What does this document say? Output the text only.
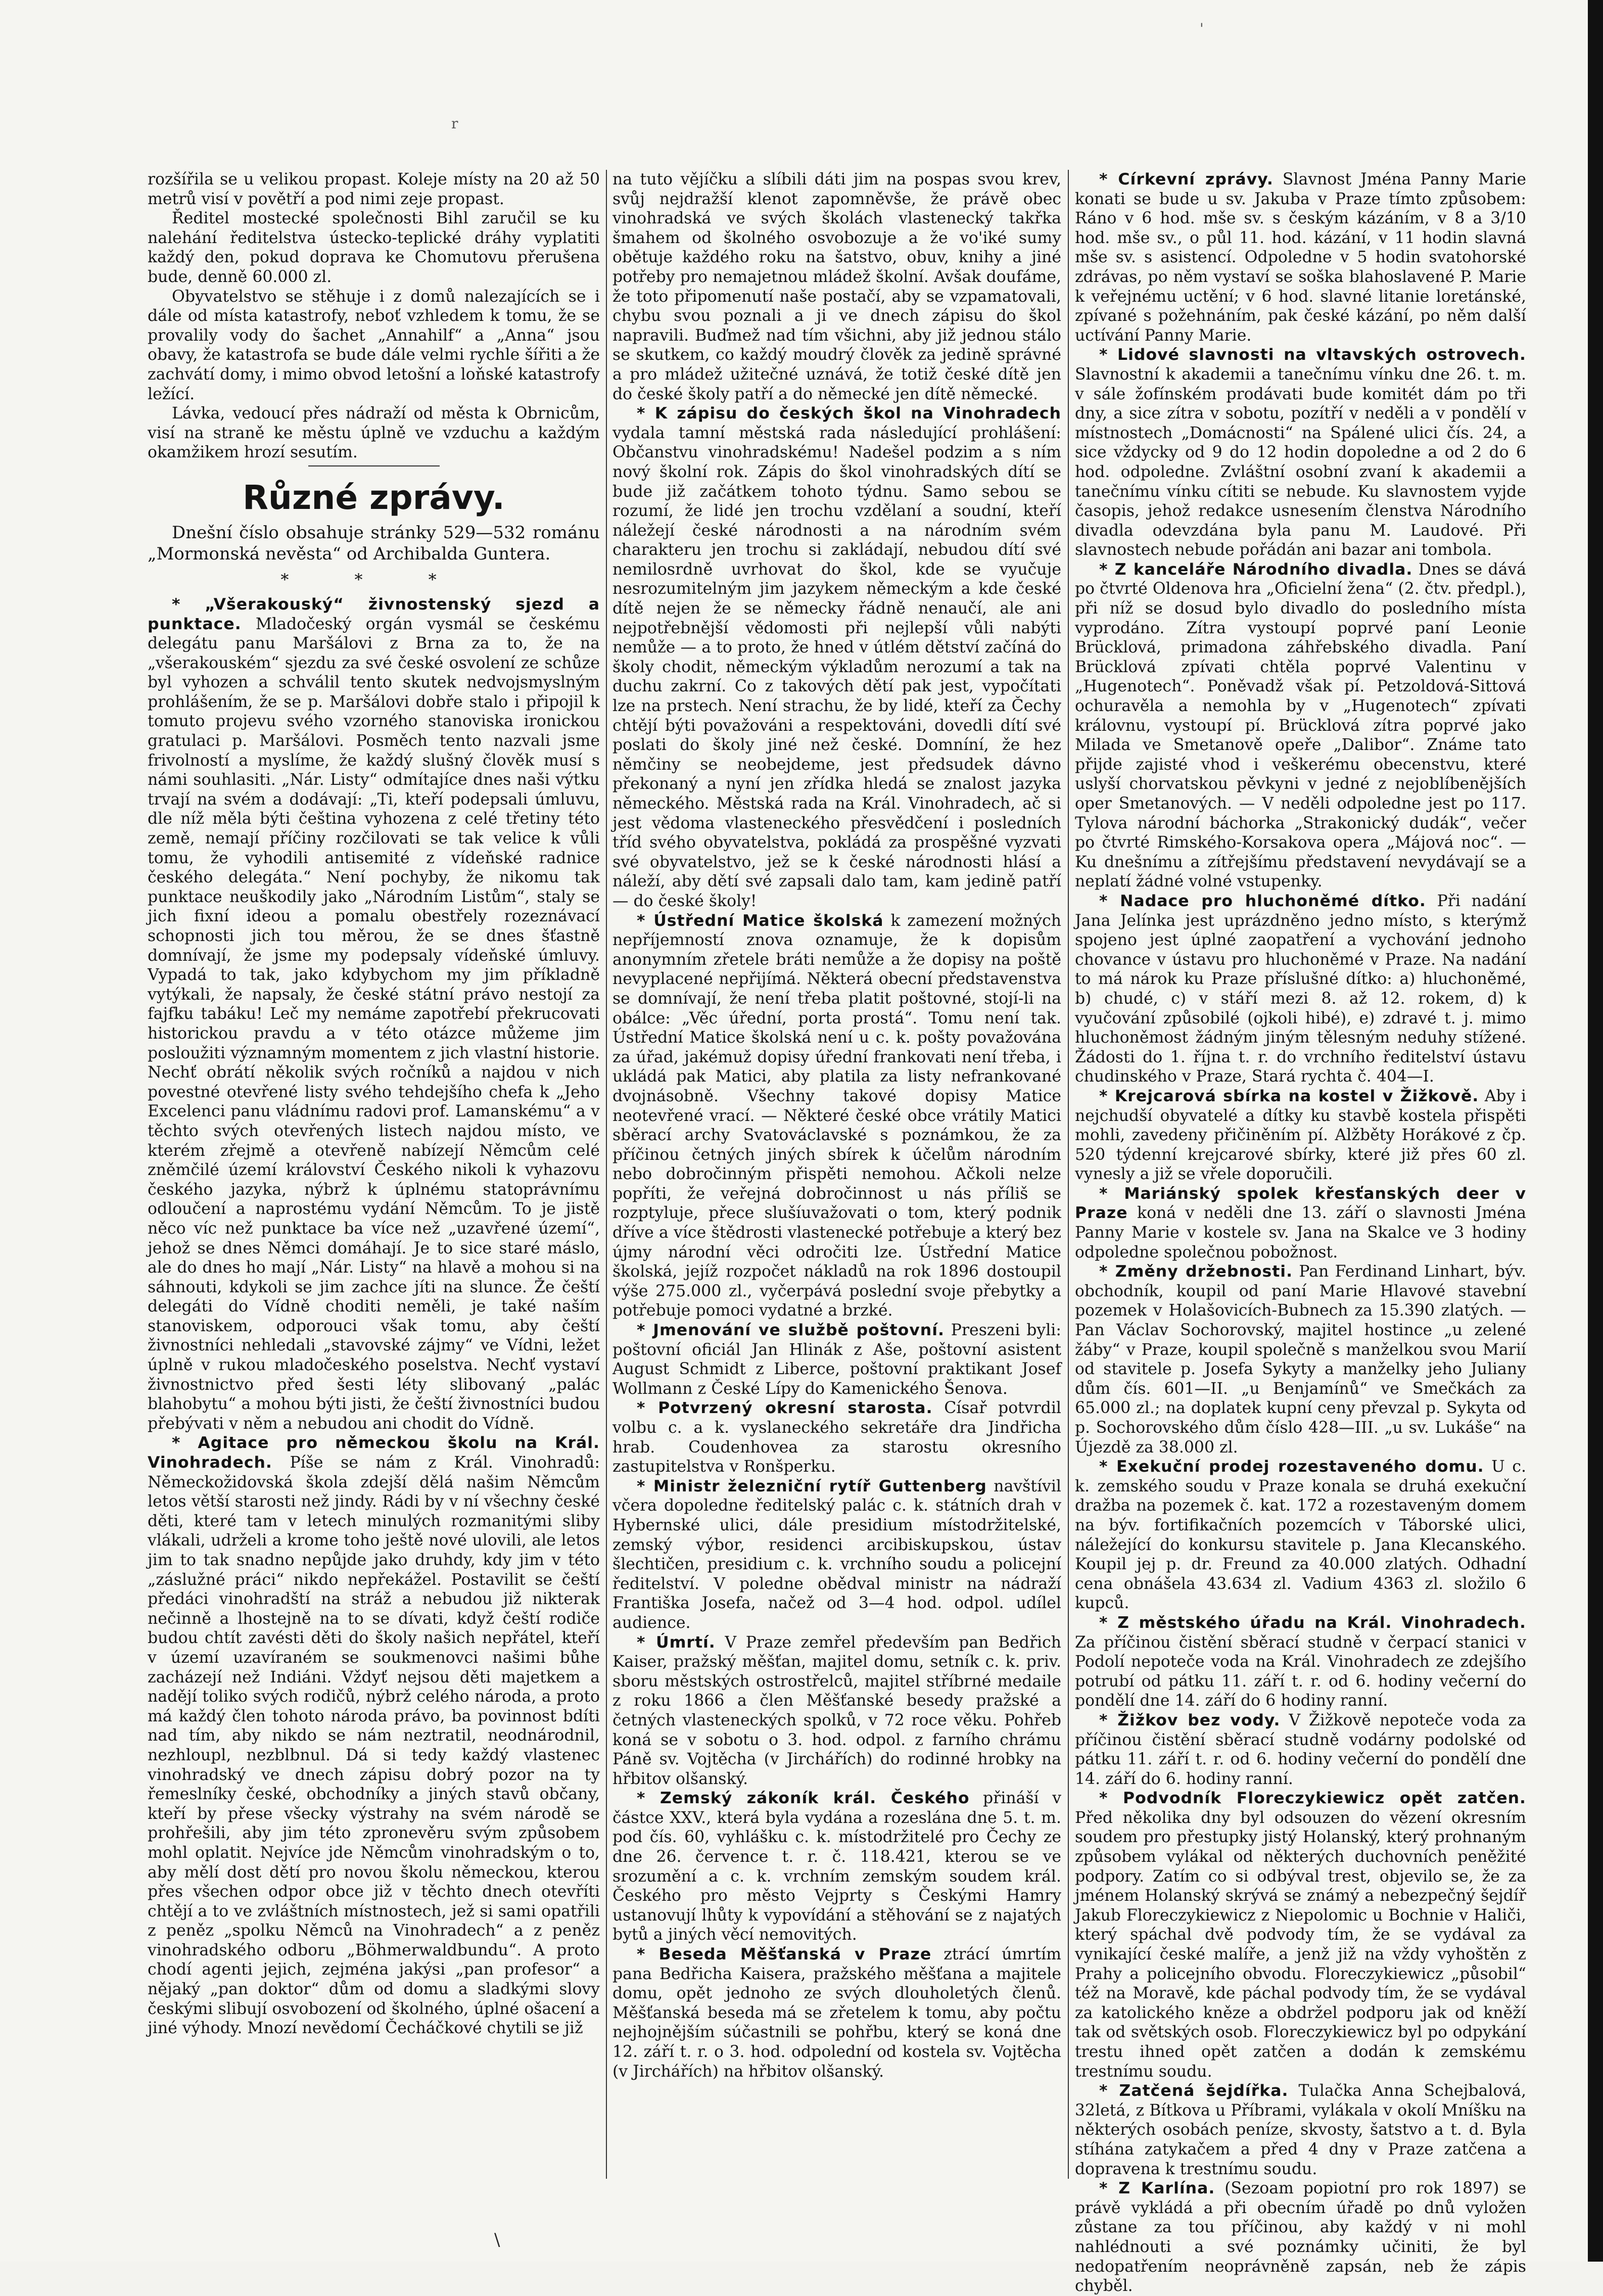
'
r

rozšířila se u velikou propast. Koleje místy na 20 až 50 metrů visí v povětří a pod nimi zeje propast.

Ředitel mostecké společnosti Bihl zaručil se ku nalehání ředitelstva ústecko-teplické dráhy vyplatiti každý den, pokud doprava ke Chomutovu přerušena bude, denně 60.000 zl.

Obyvatelstvo se stěhuje i z domů nalezajících se i dále od místa katastrofy, neboť vzhledem k tomu, že se provalily vody do šachet „Annahilf“ a „Anna“ jsou obavy, že katastrofa se bude dále velmi rychle šířiti a že zachvátí domy, i mimo obvod letošní a loňské katastrofy ležící.

Lávka, vedoucí přes nádraží od města k Obrnicům, visí na straně ke městu úplně ve vzduchu a každým okamžikem hrozí sesutím.

Různé zprávy.

Dnešní číslo obsahuje stránky 529—532 románu „Mormonská nevěsta“ od Archibalda Guntera.

* * *

* „Všerakouský“ živnostenský sjezd a punktace. Mladočeský orgán vysmál se českému delegátu panu Maršálovi z Brna za to, že na „všerakouském“ sjezdu za své české osvolení ze schůze byl vyhozen a schválil tento skutek nedvojsmyslným prohlášením, že se p. Maršálovi dobře stalo i připojil k tomuto projevu svého vzorného stanoviska ironickou gratulaci p. Maršálovi. Posměch tento nazvali jsme frivolností a myslíme, že každý slušný člověk musí s námi souhlasiti. „Nár. Listy“ odmítajíce dnes naši výtku trvají na svém a dodávají: „Ti, kteří podepsali úmluvu, dle níž měla býti čeština vyhozena z celé třetiny této země, nemají příčiny rozčilovati se tak velice k vůli tomu, že vyhodili antisemité z vídeňské radnice českého delegáta.“ Není pochyby, že nikomu tak punktace neuškodily jako „Národním Listům“, staly se jich fixní ideou a pomalu obestřely rozeznávací schopnosti jich tou měrou, že se dnes šťastně domnívají, že jsme my podepsaly vídeňské úmluvy. Vypadá to tak, jako kdybychom my jim příkladně vytýkali, že napsaly, že české státní právo nestojí za fajfku tabáku! Leč my nemáme zapotřebí překrucovati historickou pravdu a v této otázce můžeme jim posloužiti významným momentem z jich vlastní historie. Nechť obrátí několik svých ročníků a najdou v nich povestné otevřené listy svého tehdejšího chefa k „Jeho Excelenci panu vládnímu radovi prof. Lamanskému“ a v těchto svých otevřených listech najdou místo, ve kterém zřejmě a otevřeně nabízejí Němcům celé zněmčilé území království Českého nikoli k vyhazovu českého jazyka, nýbrž k úplnému statoprávnímu odloučení a naprostému vydání Němcům. To je jistě něco víc než punktace ba více než „uzavřené území“, jehož se dnes Němci domáhají. Je to sice staré máslo, ale do dnes ho mají „Nár. Listy“ na hlavě a mohou si na sáhnouti, kdykoli se jim zachce jíti na slunce. Že čeští delegáti do Vídně choditi neměli, je také naším stanoviskem, odporouci však tomu, aby čeští živnostníci nehledali „stavovské zájmy“ ve Vídni, ležet úplně v rukou mladočeského poselstva. Nechť vystaví živnostnictvo před šesti léty slibovaný „palác blahobytu“ a mohou býti jisti, že čeští živnostníci budou přebývati v něm a nebudou ani chodit do Vídně.

* Agitace pro německou školu na Král. Vinohradech. Píše se nám z Král. Vinohradů: Německožidovská škola zdejší dělá našim Němcům letos větší starosti než jindy. Rádi by v ní všechny české děti, které tam v letech minulých rozmanitými sliby vlákali, udrželi a krome toho ještě nové ulovili, ale letos jim to tak snadno nepůjde jako druhdy, kdy jim v této „záslužné práci“ nikdo nepřekážel. Postavilit se čeští předáci vinohradští na stráž a nebudou již nikterak nečinně a lhostejně na to se dívati, když čeští rodiče budou chtít zavésti děti do školy našich nepřátel, kteří v území uzavíraném se soukmenovci našimi bůhe zacházejí než Indiáni. Vždyť nejsou děti majetkem a nadějí toliko svých rodičů, nýbrž celého národa, a proto má každý člen tohoto národa právo, ba povinnost bdíti nad tím, aby nikdo se nám neztratil, neodnárodnil, nezhloupl, nezblbnul. Dá si tedy každý vlastenec vinohradský ve dnech zápisu dobrý pozor na ty řemeslníky české, obchodníky a jiných stavů občany, kteří by přese všecky výstrahy na svém národě se prohřešili, aby jim této zpronevěru svým způsobem mohl oplatit. Nejvíce jde Němcům vinohradským o to, aby mělí dost dětí pro novou školu německou, kterou přes všechen odpor obce již v těchto dnech otevříti chtějí a to ve zvláštních místnostech, jež si sami opatřili z peněz „spolku Němců na Vinohradech“ a z peněz vinohradského odboru „Böhmerwaldbundu“. A proto chodí agenti jejich, zejména jakýsi „pan profesor“ a nějaký „pan doktor“ dům od domu a sladkými slovy českými slibují osvobození od školného, úplné ošacení a jiné výhody. Mnozí nevědomí Čecháčkové chytili se již

na tuto vějíčku a slíbili dáti jim na pospas svou krev, svůj nejdražší klenot zapomněvše, že právě obec vinohradská ve svých školách vlastenecký takřka šmahem od školného osvobozuje a že vo'iké sumy obětuje každého roku na šatstvo, obuv, knihy a jiné potřeby pro nemajetnou mládež školní. Avšak doufáme, že toto připomenutí naše postačí, aby se vzpamatovali, chybu svou poznali a ji ve dnech zápisu do škol napravili. Buďmež nad tím všichni, aby již jednou stálo se skutkem, co každý moudrý člověk za jedině správné a pro mládež užitečné uznává, že totiž české dítě jen do české školy patří a do německé jen dítě německé.

* K zápisu do českých škol na Vinohradech vydala tamní městská rada následující prohlášení: Občanstvu vinohradskému! Nadešel podzim a s ním nový školní rok. Zápis do škol vinohradských dítí se bude již začátkem tohoto týdnu. Samo sebou se rozumí, že lidé jen trochu vzdělaní a soudní, kteří náležejí české národnosti a na národním svém charakteru jen trochu si zakládají, nebudou dítí své nemilosrdně uvrhovat do škol, kde se vyučuje nesrozumitelným jim jazykem německým a kde české dítě nejen že se německy řádně nenaučí, ale ani nejpotřebnější vědomosti při nejlepší vůli nabýti nemůže — a to proto, že hned v útlém dětství začíná do školy chodit, německým výkladům nerozumí a tak na duchu zakrní. Co z takových dětí pak jest, vypočítati lze na prstech. Není strachu, že by lidé, kteří za Čechy chtějí býti považováni a respektováni, dovedli dítí své poslati do školy jiné než české. Domníní, že hez němčiny se neobejdeme, jest předsudek dávno překonaný a nyní jen zřídka hledá se znalost jazyka německého. Městská rada na Král. Vinohradech, ač si jest vědoma vlasteneckého přesvědčení i posledních tříd svého obyvatelstva, pokládá za prospěšné vyzvati své obyvatelstvo, jež se k české národnosti hlásí a náleží, aby dětí své zapsali dalo tam, kam jedině patří — do české školy!

* Ústřední Matice školská k zamezení možných nepříjemností znova oznamuje, že k dopisům anonymním zřetele bráti nemůže a že dopisy na poště nevyplacené nepřijímá. Některá obecní představenstva se domnívají, že není třeba platit poštovné, stojí-li na obálce: „Věc úřední, porta prostá“. Tomu není tak. Ústřední Matice školská není u c. k. pošty považována za úřad, jakémuž dopisy úřední frankovati není třeba, i ukládá pak Matici, aby platila za listy nefrankované dvojnásobně. Všechny takové dopisy Matice neotevřené vrací. — Některé české obce vrátily Matici sběrací archy Svatováclavské s poznámkou, že za příčinou četných jiných sbírek k účelům národním nebo dobročinným přispěti nemohou. Ačkoli nelze popříti, že veřejná dobročinnost u nás příliš se rozptyluje, přece slušíuvažovati o tom, který podnik dříve a více štědrosti vlastenecké potřebuje a který bez újmy národní věci odročiti lze. Ústřední Matice školská, jejíž rozpočet nákladů na rok 1896 dostoupil výše 275.000 zl., vyčerpává poslední svoje přebytky a potřebuje pomoci vydatné a brzké.

* Jmenování ve službě poštovní. Preszeni byli: poštovní oficiál Jan Hlinák z Aše, poštovní asistent August Schmidt z Liberce, poštovní praktikant Josef Wollmann z České Lípy do Kamenického Šenova.

* Potvrzený okresní starosta. Císař potvrdil volbu c. a k. vyslaneckého sekretáře dra Jindřicha hrab. Coudenhovea za starostu okresního zastupitelstva v Ronšperku.

* Ministr železniční rytíř Guttenberg navštívil včera dopoledne ředitelský palác c. k. státních drah v Hybernské ulici, dále presidium místodržitelské, zemský výbor, residenci arcibiskupskou, ústav šlechtičen, presidium c. k. vrchního soudu a policejní ředitelství. V poledne obědval ministr na nádraží Františka Josefa, načež od 3—4 hod. odpol. udílel audience.

* Úmrtí. V Praze zemřel především pan Bedřich Kaiser, pražský měšťan, majitel domu, setník c. k. priv. sboru městských ostrostřelců, majitel stříbrné medaile z roku 1866 a člen Měšťanské besedy pražské a četných vlasteneckých spolků, v 72 roce věku. Pohřeb koná se v sobotu o 3. hod. odpol. z farního chrámu Páně sv. Vojtěcha (v Jirchářích) do rodinné hrobky na hřbitov olšanský.

* Zemský zákoník král. Českého přináší v částce XXV., která byla vydána a rozeslána dne 5. t. m. pod čís. 60, vyhlášku c. k. místodržitelé pro Čechy ze dne 26. července t. r. č. 118.421, kterou se ve srozumění a c. k. vrchním zemským soudem král. Českého pro město Vejprty s Českými Hamry ustanovují lhůty k vypovídání a stěhování se z najatých bytů a jiných věcí nemovitých.

* Beseda Měšťanská v Praze ztrácí úmrtím pana Bedřicha Kaisera, pražského měšťana a majitele domu, opět jednoho ze svých dlouholetých členů. Měšťanská beseda má se zřetelem k tomu, aby počtu nejhojnějším súčastnili se pohřbu, který se koná dne 12. září t. r. o 3. hod. odpolední od kostela sv. Vojtěcha (v Jirchářích) na hřbitov olšanský.

* Církevní zprávy. Slavnost Jména Panny Marie konati se bude u sv. Jakuba v Praze tímto způsobem: Ráno v 6 hod. mše sv. s českým kázáním, v 8 a 3/10 hod. mše sv., o půl 11. hod. kázání, v 11 hodin slavná mše sv. s asistencí. Odpoledne v 5 hodin svatohorské zdrávas, po něm vystaví se soška blahoslavené P. Marie k veřejnému uctění; v 6 hod. slavné litanie loretánské, zpívané s požehnáním, pak české kázání, po něm další uctívání Panny Marie.

* Lidové slavnosti na vltavských ostrovech. Slavnostní k akademii a tanečnímu vínku dne 26. t. m. v sále žofínském prodávati bude komitét dám po tři dny, a sice zítra v sobotu, pozítří v neděli a v pondělí v místnostech „Domácnosti“ na Spálené ulici čís. 24, a sice vždycky od 9 do 12 hodin dopoledne a od 2 do 6 hod. odpoledne. Zvláštní osobní zvaní k akademii a tanečnímu vínku cítiti se nebude. Ku slavnostem vyjde časopis, jehož redakce usnesením členstva Národního divadla odevzdána byla panu M. Laudové. Při slavnostech nebude pořádán ani bazar ani tombola.

* Z kanceláře Národního divadla. Dnes se dává po čtvrté Oldenova hra „Oficielní žena“ (2. čtv. předpl.), při níž se dosud bylo divadlo do posledního místa vyprodáno. Zítra vystoupí poprvé paní Leonie Brücklová, primadona záhřebského divadla. Paní Brücklová zpívati chtěla poprvé Valentinu v „Hugenotech“. Poněvadž však pí. Petzoldová-Sittová ochuravěla a nemohla by v „Hugenotech“ zpívati královnu, vystoupí pí. Brücklová zítra poprvé jako Milada ve Smetanově opeře „Dalibor“. Známe tato přijde zajisté vhod i veškerému obecenstvu, které uslyší chorvatskou pěvkyni v jedné z nejoblíbenějších oper Smetanových. — V neděli odpoledne jest po 117. Tylova národní báchorka „Strakonický dudák“, večer po čtvrté Rimského-Korsakova opera „Májová noc“. — Ku dnešnímu a zítřejšímu představení nevydávají se a neplatí žádné volné vstupenky.

* Nadace pro hluchoněmé dítko. Při nadání Jana Jelínka jest uprázdněno jedno místo, s kterýmž spojeno jest úplné zaopatření a vychování jednoho chovance v ústavu pro hluchoněmé v Praze. Na nadání to má nárok ku Praze příslušné dítko: a) hluchoněmé, b) chudé, c) v stáří mezi 8. až 12. rokem, d) k vyučování způsobilé (ojkoli hibé), e) zdravé t. j. mimo hluchoněmost žádným jiným tělesným neduhy stížené. Žádosti do 1. října t. r. do vrchního ředitelství ústavu chudinského v Praze, Stará rychta č. 404—I.

* Krejcarová sbírka na kostel v Žižkově. Aby i nejchudší obyvatelé a dítky ku stavbě kostela přispěti mohli, zavedeny přičiněním pí. Alžběty Horákové z čp. 520 týdenní krejcarové sbírky, které již přes 60 zl. vynesly a již se vřele doporučili.

* Mariánský spolek křesťanských deer v Praze koná v neděli dne 13. září o slavnosti Jména Panny Marie v kostele sv. Jana na Skalce ve 3 hodiny odpoledne společnou pobožnost.

* Změny držebnosti. Pan Ferdinand Linhart, býv. obchodník, koupil od paní Marie Hlavové stavební pozemek v Holašovicích-Bubnech za 15.390 zlatých. — Pan Václav Sochorovský, majitel hostince „u zelené žáby“ v Praze, koupil společně s manželkou svou Marií od stavitele p. Josefa Sykyty a manželky jeho Juliany dům čís. 601—II. „u Benjamínů“ ve Smečkách za 65.000 zl.; na doplatek kupní ceny převzal p. Sykyta od p. Sochorovského dům číslo 428—III. „u sv. Lukáše“ na Újezdě za 38.000 zl.

* Exekuční prodej rozestaveného domu. U c. k. zemského soudu v Praze konala se druhá exekuční dražba na pozemek č. kat. 172 a rozestaveným domem na býv. fortifikačních pozemcích v Táborské ulici, náležející do konkursu stavitele p. Jana Klecanského. Koupil jej p. dr. Freund za 40.000 zlatých. Odhadní cena obnášela 43.634 zl. Vadium 4363 zl. složilo 6 kupců.

* Z městského úřadu na Král. Vinohradech. Za příčinou čistění sběrací studně v čerpací stanici v Podolí nepoteče voda na Král. Vinohradech ze zdejšího potrubí od pátku 11. září t. r. od 6. hodiny večerní do pondělí dne 14. září do 6 hodiny ranní.

* Žižkov bez vody. V Žižkově nepoteče voda za příčinou čistění sběrací studně vodárny podolské od pátku 11. září t. r. od 6. hodiny večerní do pondělí dne 14. září do 6. hodiny ranní.

* Podvodník Floreczykiewicz opět zatčen. Před několika dny byl odsouzen do vězení okresním soudem pro přestupky jistý Holanský, který prohnaným způsobem vylákal od některých duchovních peněžité podpory. Zatím co si odbýval trest, objevilo se, že za jménem Holanský skrývá se známý a nebezpečný šejdíř Jakub Floreczykiewicz z Niepolomic u Bochnie v Haliči, který spáchal dvě podvody tím, že se vydával za vynikající české malíře, a jenž již na vždy vyhoštěn z Prahy a policejního obvodu. Floreczykiewicz „působil“ též na Moravě, kde páchal podvody tím, že se vydával za katolického kněze a obdržel podporu jak od kněží tak od světských osob. Floreczykiewicz byl po odpykání trestu ihned opět zatčen a dodán k zemskému trestnímu soudu.

* Zatčená šejdířka. Tulačka Anna Schejbalová, 32letá, z Bítkova u Příbrami, vylákala v okolí Mníšku na některých osobách peníze, skvosty, šatstvo a t. d. Byla stíhána zatykačem a před 4 dny v Praze zatčena a dopravena k trestnímu soudu.

* Z Karlína. (Sezoam popiotní pro rok 1897) se právě vykládá a při obecním úřadě po dnů vyložen zůstane za tou příčinou, aby každý v ni mohl nahlédnouti a své poznámky učiniti, že byl nedopatřením neoprávněně zapsán, neb že zápis chyběl.

\
